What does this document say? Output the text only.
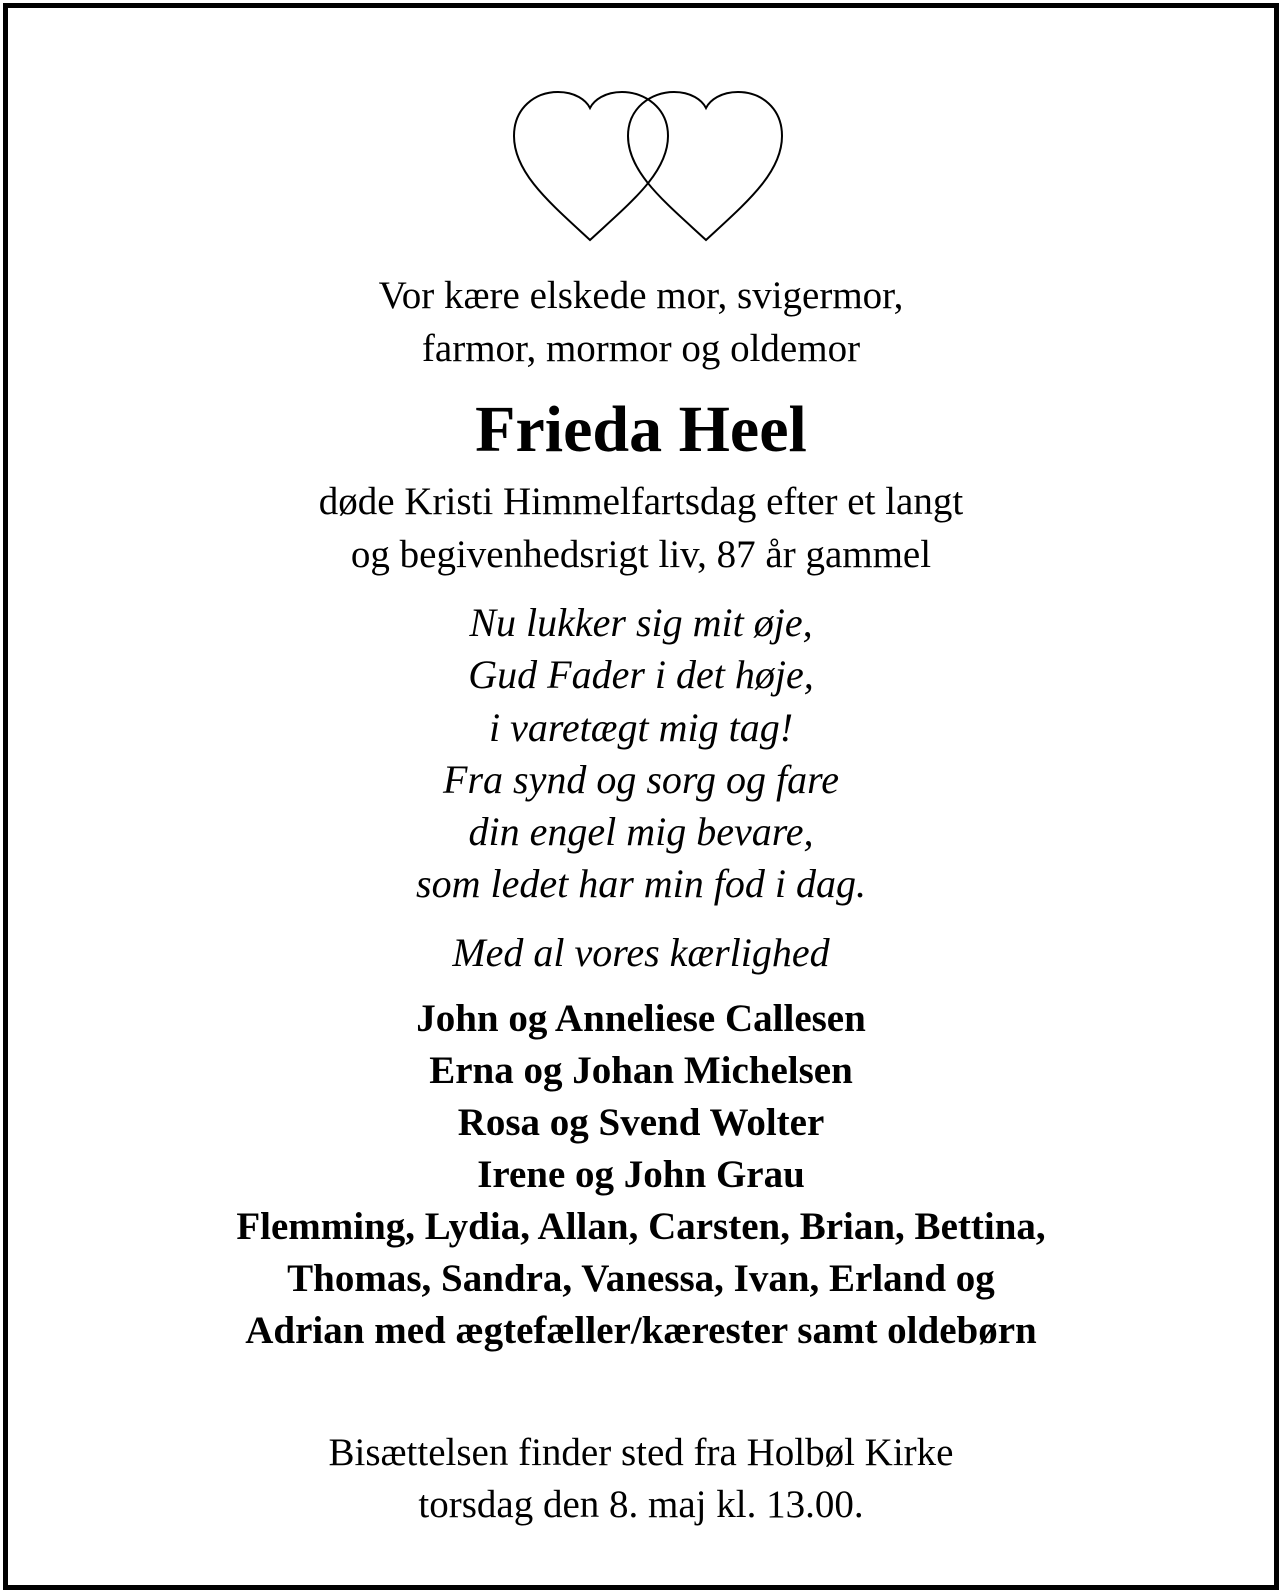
Vor kære elskede mor, svigermor,
farmor, mormor og oldemor
Frieda Heel
døde Kristi Himmelfartsdag efter et langt
og begivenhedsrigt liv, 87 år gammel
Nu lukker sig mit øje,
Gud Fader i det høje,
i varetægt mig tag!
Fra synd og sorg og fare
din engel mig bevare,
som ledet har min fod i dag.
Med al vores kærlighed
John og Anneliese Callesen
Erna og Johan Michelsen
Rosa og Svend Wolter
Irene og John Grau
Flemming, Lydia, Allan, Carsten, Brian, Bettina,
Thomas, Sandra, Vanessa, Ivan, Erland og
Adrian med ægtefæller/kærester samt oldebørn
Bisættelsen finder sted fra Holbøl Kirke
torsdag den 8. maj kl. 13.00.
